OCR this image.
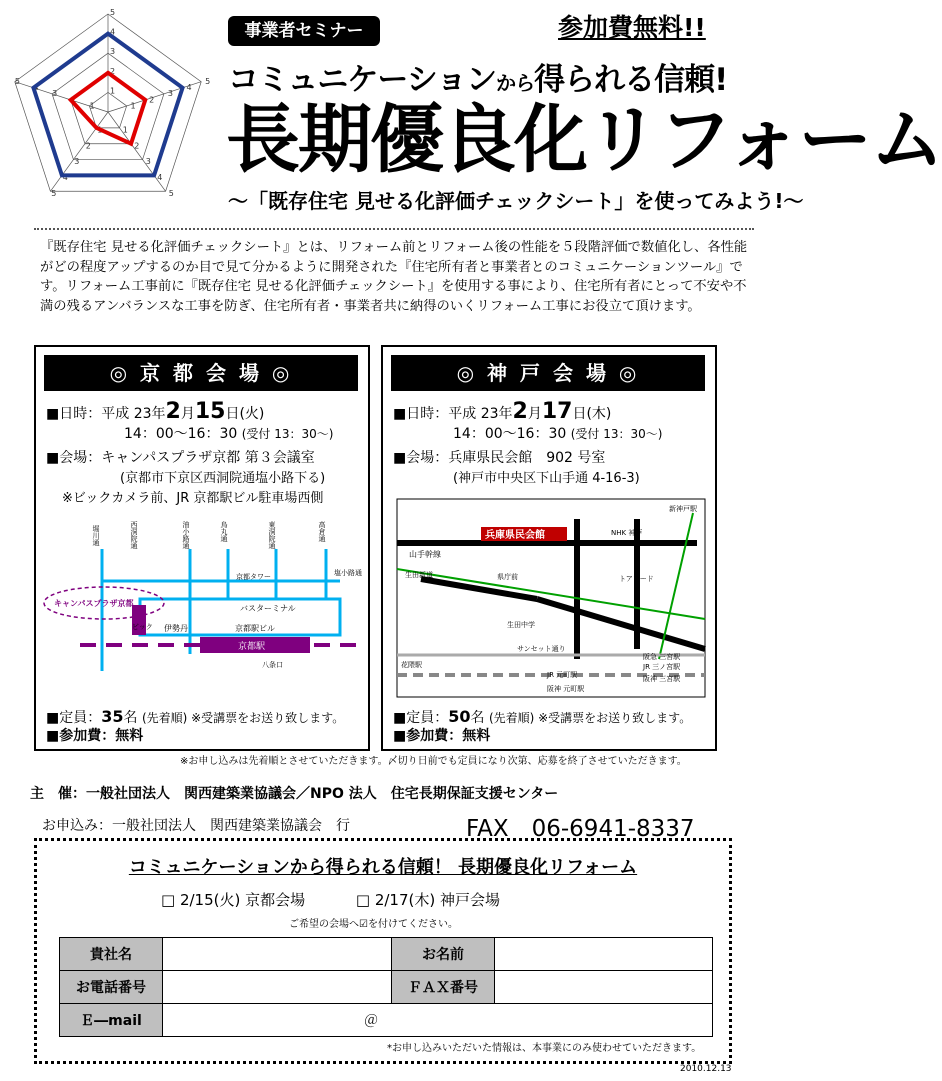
1
2
3
4
5
1
2
3
4
5
1
2
3
4
5
1
2
3
4
5
1
2
3
4
5
事業者セミナー	参加費無料!!
コミュニケーションから得られる信頼!
長期優良化リフォーム
～「既存住宅 見せる化評価チェックシート」を使ってみよう!～
『既存住宅 見せる化評価チェックシート』とは、リフォーム前とリフォーム後の性能を５段階評価で数値化し、各性能がどの程度アップするのか目で見て分かるように開発された『住宅所有者と事業者とのコミュニケーションツール』です。リフォーム工事前に『既存住宅 見せる化評価チェックシート』を使用する事により、住宅所有者にとって不安や不満の残るアンバランスな工事を防ぎ、住宅所有者・事業者共に納得のいくリフォーム工事にお役立て頂けます。
◎ 京 都 会 場 ◎
■日時：平成 23年2月15日(火)
14：00～16：30 (受付 13：30～)
■会場：キャンパスプラザ京都 第３会議室
(京都市下京区西洞院通塩小路下る)
※ビックカメラ前、JR 京都駅ビル駐車場西側
キャンパスプラザ京都
京都駅
バスターミナル
京都駅ビル
伊勢丹
ビック
京都タワー
八条口
塩小路通
堀川通	西洞院通	油小路通	烏丸通	東洞院通	高倉通
■定員：35名 (先着順) ※受講票をお送り致します。
■参加費：無料
◎ 神 戸 会 場 ◎
■日時：平成 23年2月17日(木)
14：00～16：30 (受付 13：30～)
■会場：兵庫県民会館　902 号室
(神戸市中央区下山手通 4-16-3)
兵庫県民会館
山手幹線
サンセット通り
花隈駅
JR 元町駅
阪神 元町駅
新神戸駅
NHK 神戸
県庁前	トアロード
生田中学
阪急 三宮駅
JR 三ノ宮駅
阪神 三宮駅
生田新道
■定員：50名 (先着順) ※受講票をお送り致します。
■参加費：無料
※お申し込みは先着順とさせていただきます。〆切り日前でも定員になり次第、応募を終了させていただきます。
主　催：一般社団法人　関西建築業協議会／NPO 法人　住宅長期保証支援センター
お申込み：一般社団法人　関西建築業協議会　行	FAX　06-6941-8337
コミュニケーションから得られる信頼！ 長期優良化リフォーム
□ 2/15(火) 京都会場	□ 2/17(木) 神戸会場
ご希望の会場へ☑を付けてください。
貴社名		お名前	
お電話番号		ＦＡＸ番号	
Ｅ―mail	＠		
*お申し込みいただいた情報は、本事業にのみ使わせていただきます。
2010.12.13
